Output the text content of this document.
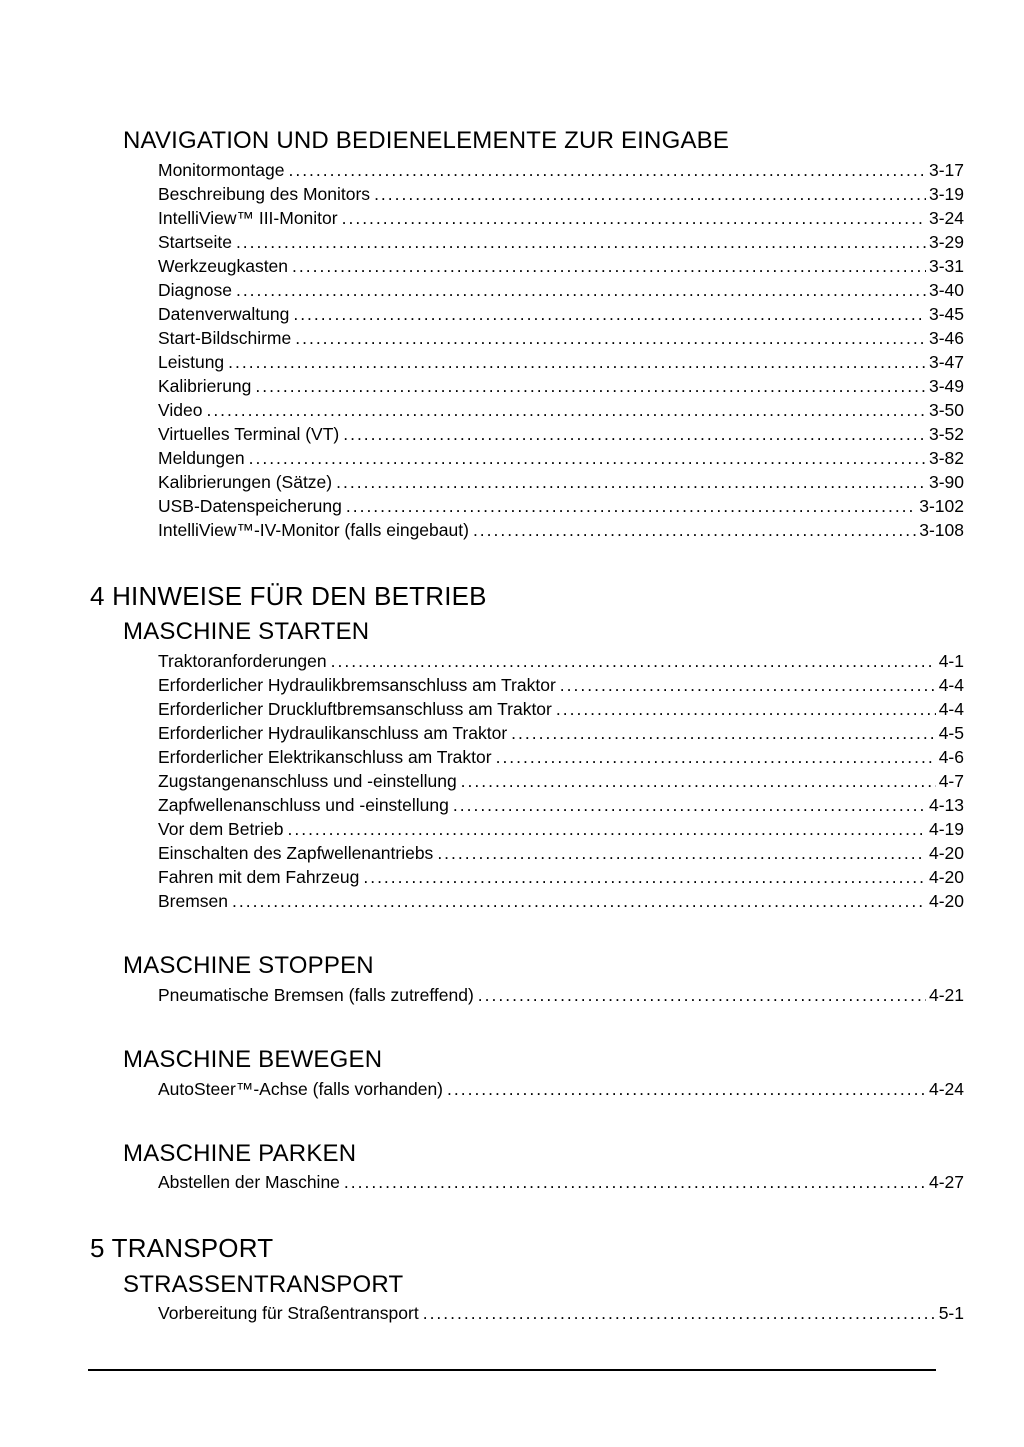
NAVIGATION UND BEDIENELEMENTE ZUR EINGABE
Monitormontage .....	3-17
Beschreibung des Monitors .....	3-19
IntelliView™ III-Monitor .....	3-24
Startseite .....	3-29
Werkzeugkasten .....	3-31
Diagnose .....	3-40
Datenverwaltung .....	3-45
Start-Bildschirme .....	3-46
Leistung .....	3-47
Kalibrierung .....	3-49
Video .....	3-50
Virtuelles Terminal (VT) .....	3-52
Meldungen .....	3-82
Kalibrierungen (Sätze) .....	3-90
USB-Datenspeicherung .....	3-102
IntelliView™-IV-Monitor (falls eingebaut) .....	3-108
4 HINWEISE FÜR DEN BETRIEB
MASCHINE STARTEN
Traktoranforderungen .....	4-1
Erforderlicher Hydraulikbremsanschluss am Traktor .....	4-4
Erforderlicher Druckluftbremsanschluss am Traktor .....	4-4
Erforderlicher Hydraulikanschluss am Traktor .....	4-5
Erforderlicher Elektrikanschluss am Traktor .....	4-6
Zugstangenanschluss und -einstellung .....	4-7
Zapfwellenanschluss und -einstellung .....	4-13
Vor dem Betrieb .....	4-19
Einschalten des Zapfwellenantriebs .....	4-20
Fahren mit dem Fahrzeug .....	4-20
Bremsen .....	4-20
MASCHINE STOPPEN
Pneumatische Bremsen (falls zutreffend) .....	4-21
MASCHINE BEWEGEN
AutoSteer™-Achse (falls vorhanden) .....	4-24
MASCHINE PARKEN
Abstellen der Maschine .....	4-27
5 TRANSPORT
STRASSENTRANSPORT
Vorbereitung für Straßentransport .....	5-1
